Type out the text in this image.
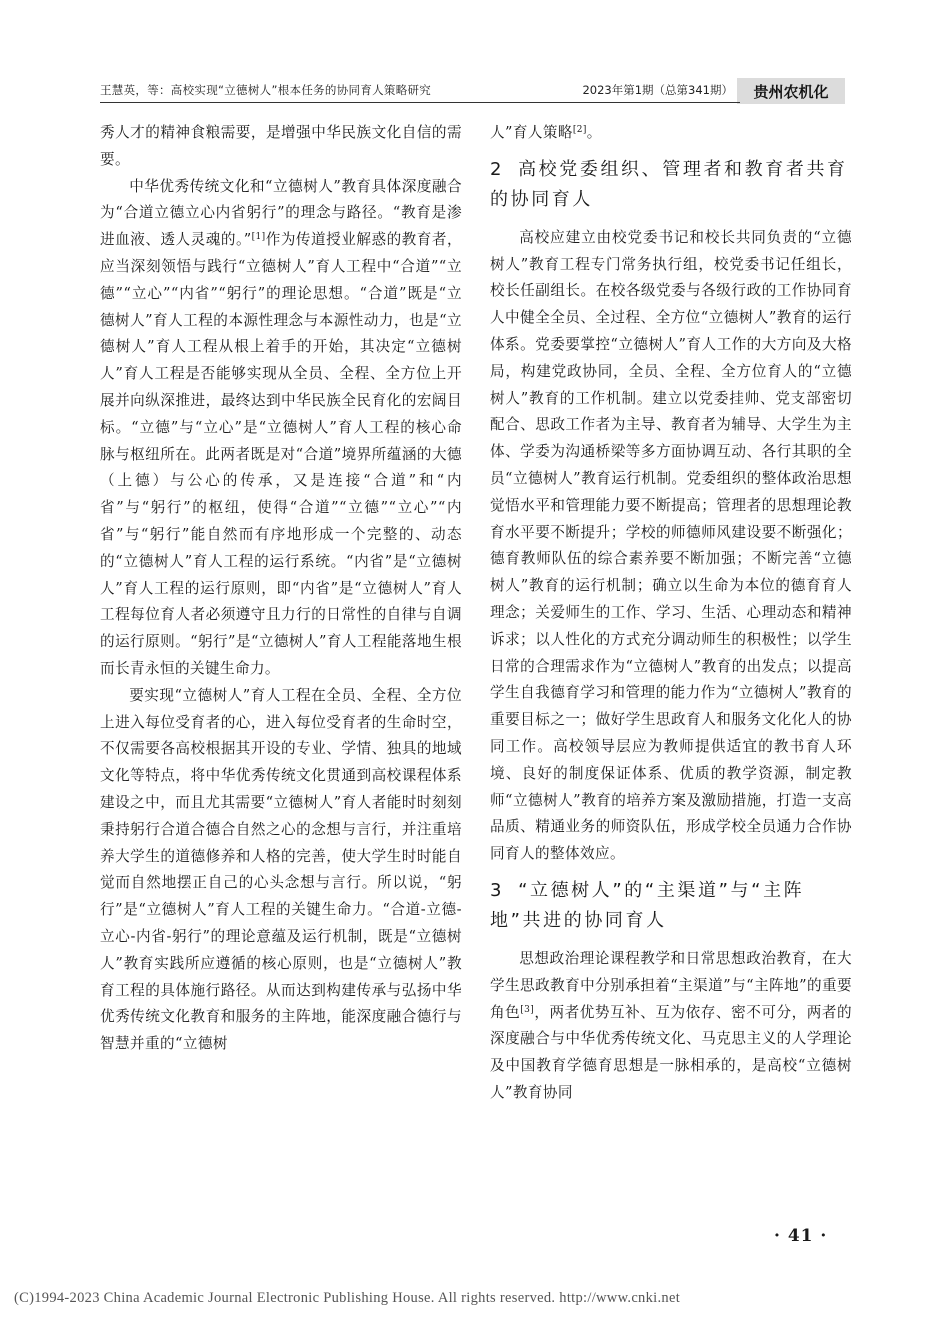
王慧英，等：高校实现“立德树人”根本任务的协同育人策略研究	2023年第1期（总第341期）	贵州农机化

秀人才的精神食粮需要，是增强中华民族文化自信的需要。

中华优秀传统文化和“立德树人”教育具体深度融合为“合道立德立心内省躬行”的理念与路径。“教育是渗进血液、透人灵魂的。”[1]作为传道授业解惑的教育者，应当深刻领悟与践行“立德树人”育人工程中“合道”“立德”“立心”“内省”“躬行”的理论思想。“合道”既是“立德树人”育人工程的本源性理念与本源性动力，也是“立德树人”育人工程从根上着手的开始，其决定“立德树人”育人工程是否能够实现从全员、全程、全方位上开展并向纵深推进，最终达到中华民族全民育化的宏阔目标。“立德”与“立心”是“立德树人”育人工程的核心命脉与枢纽所在。此两者既是对“合道”境界所蕴涵的大德（上德）与公心的传承，又是连接“合道”和“内省”与“躬行”的枢纽，使得“合道”“立德”“立心”“内省”与“躬行”能自然而有序地形成一个完整的、动态的“立德树人”育人工程的运行系统。“内省”是“立德树人”育人工程的运行原则，即“内省”是“立德树人”育人工程每位育人者必须遵守且力行的日常性的自律与自调的运行原则。“躬行”是“立德树人”育人工程能落地生根而长青永恒的关键生命力。

要实现“立德树人”育人工程在全员、全程、全方位上进入每位受育者的心，进入每位受育者的生命时空，不仅需要各高校根据其开设的专业、学情、独具的地域文化等特点，将中华优秀传统文化贯通到高校课程体系建设之中，而且尤其需要“立德树人”育人者能时时刻刻秉持躬行合道合德合自然之心的念想与言行，并注重培养大学生的道德修养和人格的完善，使大学生时时能自觉而自然地摆正自己的心头念想与言行。所以说，“躬行”是“立德树人”育人工程的关键生命力。“合道-立德-立心-内省-躬行”的理论意蕴及运行机制，既是“立德树人”教育实践所应遵循的核心原则，也是“立德树人”教育工程的具体施行路径。从而达到构建传承与弘扬中华优秀传统文化教育和服务的主阵地，能深度融合德行与智慧并重的“立德树

人”育人策略[2]。

2 高校党委组织、管理者和教育者共育的协同育人

高校应建立由校党委书记和校长共同负责的“立德树人”教育工程专门常务执行组，校党委书记任组长，校长任副组长。在校各级党委与各级行政的工作协同育人中健全全员、全过程、全方位“立德树人”教育的运行体系。党委要掌控“立德树人”育人工作的大方向及大格局，构建党政协同，全员、全程、全方位育人的“立德树人”教育的工作机制。建立以党委挂帅、党支部密切配合、思政工作者为主导、教育者为辅导、大学生为主体、学委为沟通桥梁等多方面协调互动、各行其职的全员“立德树人”教育运行机制。党委组织的整体政治思想觉悟水平和管理能力要不断提高；管理者的思想理论教育水平要不断提升；学校的师德师风建设要不断强化；德育教师队伍的综合素养要不断加强；不断完善“立德树人”教育的运行机制；确立以生命为本位的德育育人理念；关爱师生的工作、学习、生活、心理动态和精神诉求；以人性化的方式充分调动师生的积极性；以学生日常的合理需求作为“立德树人”教育的出发点；以提高学生自我德育学习和管理的能力作为“立德树人”教育的重要目标之一；做好学生思政育人和服务文化化人的协同工作。高校领导层应为教师提供适宜的教书育人环境、良好的制度保证体系、优质的教学资源，制定教师“立德树人”教育的培养方案及激励措施，打造一支高品质、精通业务的师资队伍，形成学校全员通力合作协同育人的整体效应。

3 “立德树人”的“主渠道”与“主阵地”共进的协同育人

思想政治理论课程教学和日常思想政治教育，在大学生思政教育中分别承担着“主渠道”与“主阵地”的重要角色[3]，两者优势互补、互为依存、密不可分，两者的深度融合与中华优秀传统文化、马克思主义的人学理论及中国教育学德育思想是一脉相承的，是高校“立德树人”教育协同

· 41 ·
(C)1994-2023 China Academic Journal Electronic Publishing House. All rights reserved. http://www.cnki.net
